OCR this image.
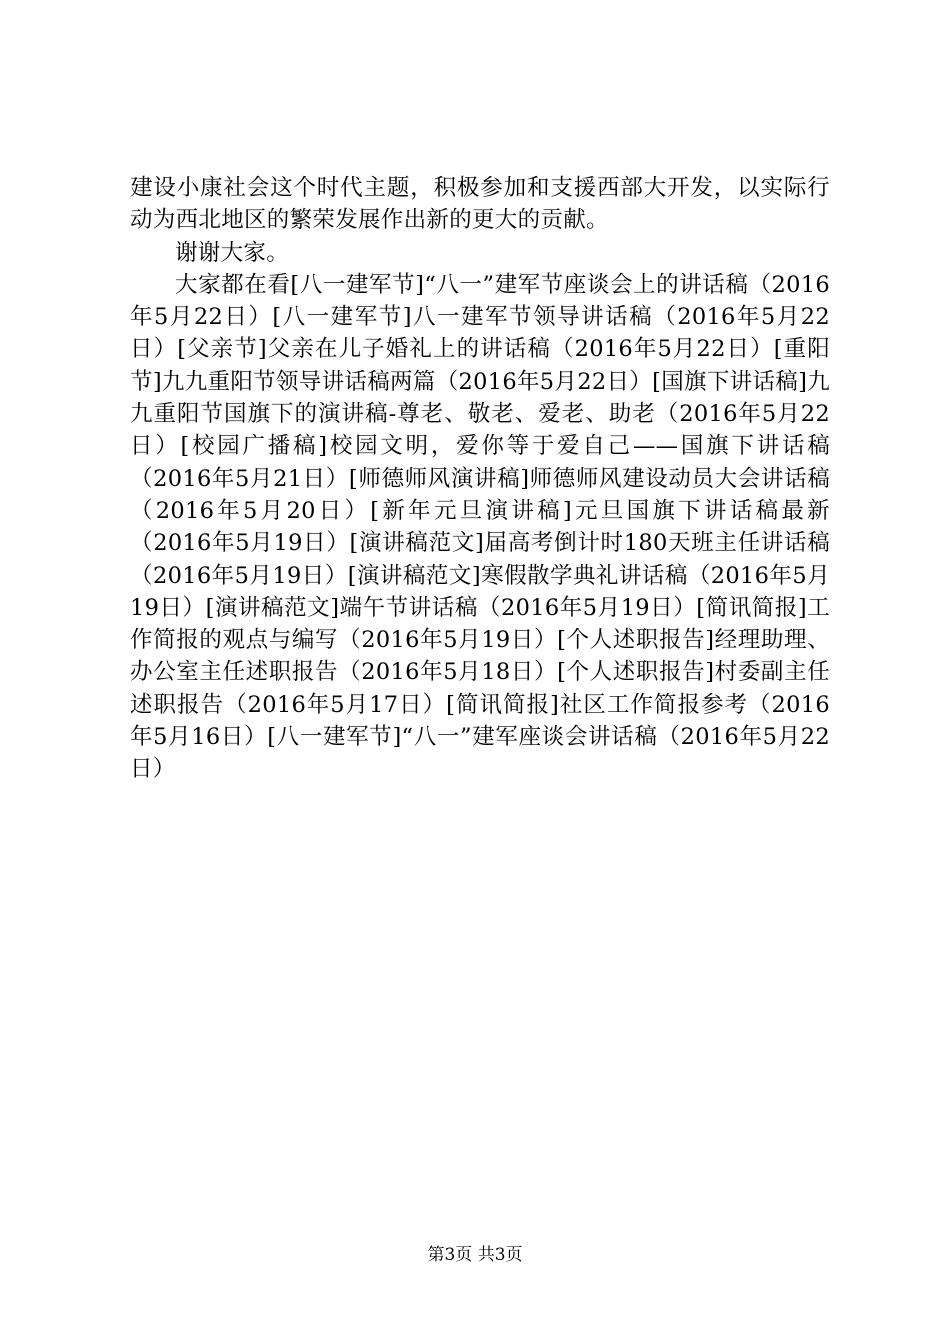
建设小康社会这个时代主题，积极参加和支援西部大开发，以实际行动为西北地区的繁荣发展作出新的更大的贡献。

谢谢大家。

大家都在看[八一建军节]“八一”建军节座谈会上的讲话稿（2016年5月22日）[八一建军节]八一建军节领导讲话稿（2016年5月22日）[父亲节]父亲在儿子婚礼上的讲话稿（2016年5月22日）[重阳节]九九重阳节领导讲话稿两篇（2016年5月22日）[国旗下讲话稿]九九重阳节国旗下的演讲稿-尊老、敬老、爱老、助老（2016年5月22日）[校园广播稿]校园文明，爱你等于爱自己——国旗下讲话稿（2016年5月21日）[师德师风演讲稿]师德师风建设动员大会讲话稿（2016年5月20日）[新年元旦演讲稿]元旦国旗下讲话稿最新（2016年5月19日）[演讲稿范文]届高考倒计时180天班主任讲话稿（2016年5月19日）[演讲稿范文]寒假散学典礼讲话稿（2016年5月19日）[演讲稿范文]端午节讲话稿（2016年5月19日）[简讯简报]工作简报的观点与编写（2016年5月19日）[个人述职报告]经理助理、办公室主任述职报告（2016年5月18日）[个人述职报告]村委副主任述职报告（2016年5月17日）[简讯简报]社区工作简报参考（2016年5月16日）[八一建军节]“八一”建军座谈会讲话稿（2016年5月22日）

第3页 共3页
